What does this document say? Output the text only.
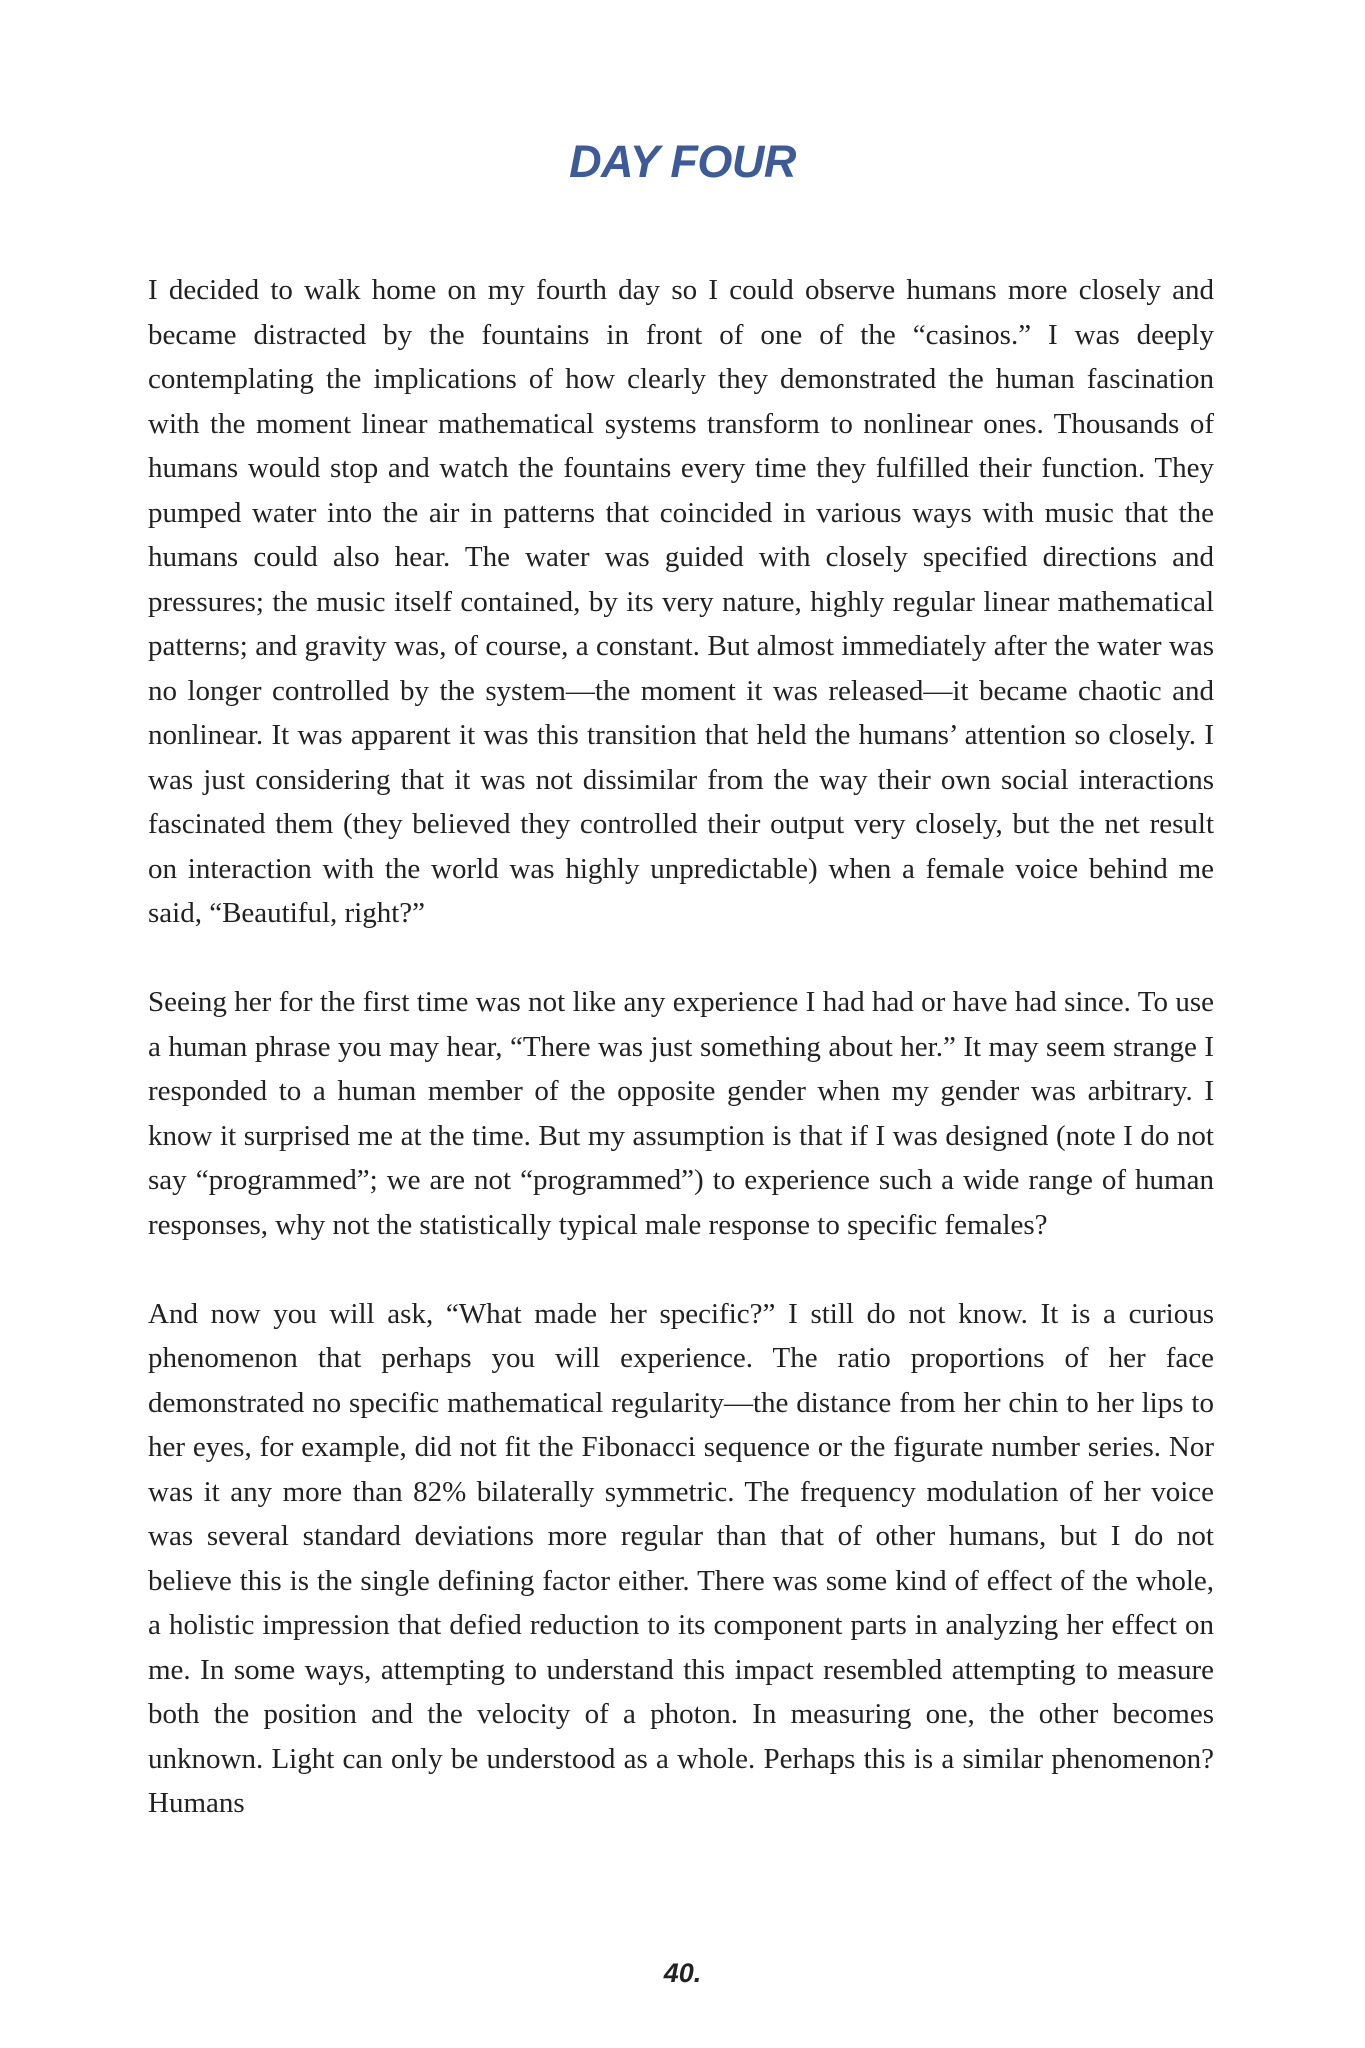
DAY FOUR

I decided to walk home on my fourth day so I could observe humans more closely and became distracted by the fountains in front of one of the “casinos.” I was deeply contemplating the implications of how clearly they demonstrated the human fascination with the moment linear mathematical systems transform to nonlinear ones. Thousands of humans would stop and watch the fountains every time they fulfilled their function. They pumped water into the air in patterns that coincided in various ways with music that the humans could also hear. The water was guided with closely specified directions and pressures; the music itself contained, by its very nature, highly regular linear mathematical patterns; and gravity was, of course, a constant. But almost immediately after the water was no longer controlled by the system—the moment it was released—it became chaotic and nonlinear. It was apparent it was this transition that held the humans’ attention so closely. I was just considering that it was not dissimilar from the way their own social interactions fascinated them (they believed they controlled their output very closely, but the net result on interaction with the world was highly unpredictable) when a female voice behind me said, “Beautiful, right?”

Seeing her for the first time was not like any experience I had had or have had since. To use a human phrase you may hear, “There was just something about her.” It may seem strange I responded to a human member of the opposite gender when my gender was arbitrary. I know it surprised me at the time. But my assumption is that if I was designed (note I do not say “programmed”; we are not “programmed”) to experience such a wide range of human responses, why not the statistically typical male response to specific females?

And now you will ask, “What made her specific?” I still do not know. It is a curious phenomenon that perhaps you will experience. The ratio proportions of her face demonstrated no specific mathematical regularity—the distance from her chin to her lips to her eyes, for example, did not fit the Fibonacci sequence or the figurate number series. Nor was it any more than 82% bilaterally symmetric. The frequency modulation of her voice was several standard deviations more regular than that of other humans, but I do not believe this is the single defining factor either. There was some kind of effect of the whole, a holistic impression that defied reduction to its component parts in analyzing her effect on me. In some ways, attempting to understand this impact resembled attempting to measure both the position and the velocity of a photon. In measuring one, the other becomes unknown. Light can only be understood as a whole. Perhaps this is a similar phenomenon? Humans

40.
